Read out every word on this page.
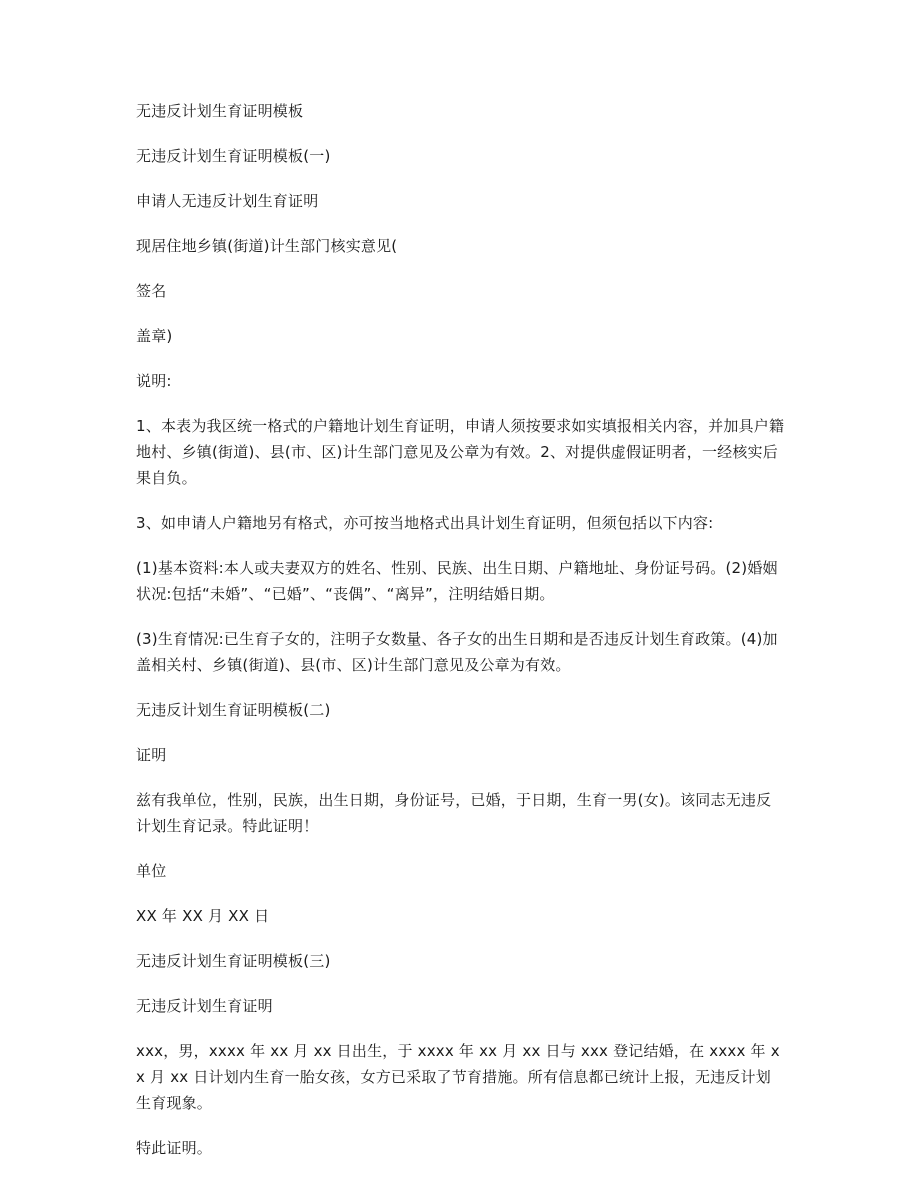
无违反计划生育证明模板

无违反计划生育证明模板(一)

申请人无违反计划生育证明

现居住地乡镇(街道)计生部门核实意见(

签名

盖章)

说明:

1、本表为我区统一格式的户籍地计划生育证明，申请人须按要求如实填报相关内容，并加具户籍地村、乡镇(街道)、县(市、区)计生部门意见及公章为有效。2、对提供虚假证明者，一经核实后果自负。

3、如申请人户籍地另有格式，亦可按当地格式出具计划生育证明，但须包括以下内容:

(1)基本资料:本人或夫妻双方的姓名、性别、民族、出生日期、户籍地址、身份证号码。(2)婚姻状况:包括“未婚”、“已婚”、“丧偶”、“离异”，注明结婚日期。

(3)生育情况:已生育子女的，注明子女数量、各子女的出生日期和是否违反计划生育政策。(4)加盖相关村、乡镇(街道)、县(市、区)计生部门意见及公章为有效。

无违反计划生育证明模板(二)

证明

兹有我单位，性别，民族，出生日期，身份证号，已婚，于日期，生育一男(女)。该同志无违反计划生育记录。特此证明！

单位

XX 年 XX 月 XX 日

无违反计划生育证明模板(三)

无违反计划生育证明

xxx，男，xxxx 年 xx 月 xx 日出生，于 xxxx 年 xx 月 xx 日与 xxx 登记结婚，在 xxxx 年 xx 月 xx 日计划内生育一胎女孩，女方已采取了节育措施。所有信息都已统计上报，无违反计划生育现象。

特此证明。
